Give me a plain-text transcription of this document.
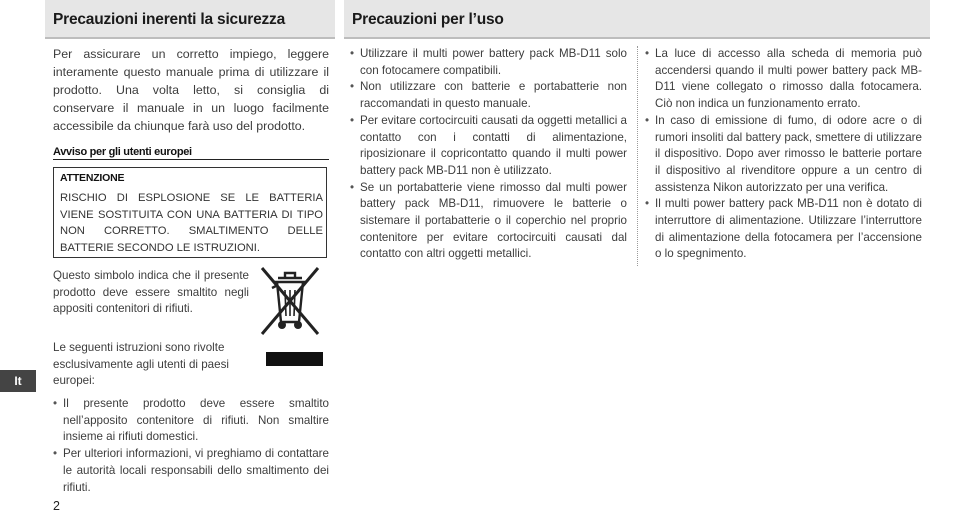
Precauzioni inerenti la sicurezza	Precauzioni per l’uso

Per assicurare un corretto impiego, leggere interamente questo manuale prima di utilizzare il prodotto. Una volta letto, si consiglia di conservare il manuale in un luogo facilmente accessibile da chiunque farà uso del prodotto.

Avviso per gli utenti europei
ATTENZIONE
RISCHIO DI ESPLOSIONE SE LE BATTERIA VIENE SOSTITUITA CON UNA BATTERIA DI TIPO NON CORRETTO. SMALTIMENTO DELLE BATTERIE SECONDO LE ISTRUZIONI.

Questo simbolo indica che il presente prodotto deve essere smaltito negli appositi contenitori di rifiuti.

Le seguenti istruzioni sono rivolte esclusivamente agli utenti di paesi europei:

• Il presente prodotto deve essere smaltito nell’apposito contenitore di rifiuti. Non smaltire insieme ai rifiuti domestici.
• Per ulteriori informazioni, vi preghiamo di contattare le autorità locali responsabili dello smaltimento dei rifiuti.
• Utilizzare il multi power battery pack MB-D11 solo con fotocamere compatibili.
• Non utilizzare con batterie e portabatterie non raccomandati in questo manuale.
• Per evitare cortocircuiti causati da oggetti metallici a contatto con i contatti di alimentazione, riposizionare il copricontatto quando il multi power battery pack MB-D11 non è utilizzato.
• Se un portabatterie viene rimosso dal multi power battery pack MB-D11, rimuovere le batterie o sistemare il portabatterie o il coperchio nel proprio contenitore per evitare cortocircuiti causati dal contatto con altri oggetti metallici.
• La luce di accesso alla scheda di memoria può accendersi quando il multi power battery pack MB-D11 viene collegato o rimosso dalla fotocamera. Ciò non indica un funzionamento errato.
• In caso di emissione di fumo, di odore acre o di rumori insoliti dal battery pack, smettere di utilizzare il dispositivo. Dopo aver rimosso le batterie portare il dispositivo al rivenditore oppure a un centro di assistenza Nikon autorizzato per una verifica.
• Il multi power battery pack MB-D11 non è dotato di interruttore di alimentazione. Utilizzare l’interruttore di alimentazione della fotocamera per l’accensione o lo spegnimento.
It
2
